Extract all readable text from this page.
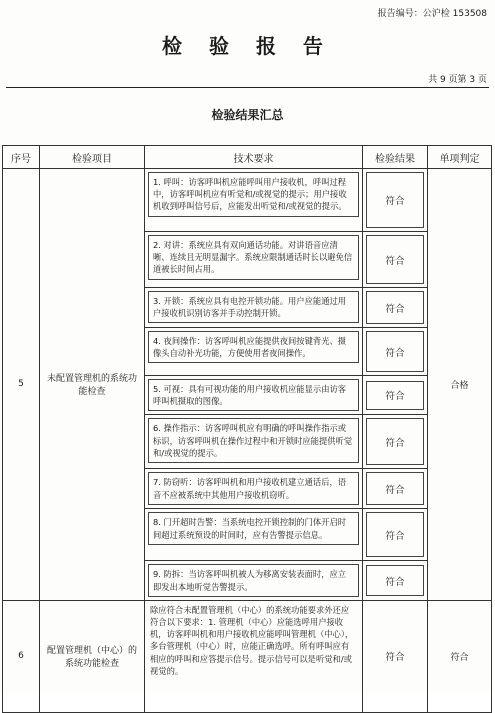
报告编号：公沪检 153508
检 验 报 告
共 9 页第 3 页
检验结果汇总
序号	检验项目	技术要求	检验结果	单项判定
5	未配置管理机的系统功能检查	1. 呼叫：访客呼叫机应能呼叫用户接收机，呼叫过程中，访客呼叫机应有听觉和/或视觉的提示；用户接收机收到呼叫信号后，应能发出听觉和/或视觉的提示。	符合	合格

		2. 对讲：系统应具有双向通话功能。对讲语音应清晰、连续且无明显漏字。系统应限制通话时长以避免信道被长时间占用。	符合	

		3. 开锁：系统应具有电控开锁功能。用户应能通过用户接收机识别访客并手动控制开锁。	符合	

		4. 夜间操作：访客呼叫机应能提供夜间按键背光、摄像头自动补光功能，方便使用者夜间操作。	符合	

		5. 可视：具有可视功能的用户接收机应能显示由访客呼叫机摄取的图像。	符合	

		6. 操作指示：访客呼叫机应有明确的呼叫操作指示或标识，访客呼叫机在操作过程中和开锁时应能提供听觉和/或视觉的提示。	符合	

		7. 防窃听：访客呼叫机和用户接收机建立通话后，语音不应被系统中其他用户接收机窃听。	符合	

		8. 门开超时告警：当系统电控开锁控制的门体开启时间超过系统预设的时间时，应有告警提示信息。	符合	

		9. 防拆：当访客呼叫机被人为移离安装表面时，应立即发出本地听觉告警提示。	符合	

6	配置管理机（中心）的系统功能检查	除应符合未配置管理机（中心）的系统功能要求外还应符合以下要求：1. 管理机（中心）应能选呼用户接收机，访客呼叫机和用户接收机应能呼叫管理机（中心），多台管理机（中心）时，应能正确选呼。所有呼叫应有相应的呼叫和应答提示信号。提示信号可以是听觉和/或视觉的。	符合	符合
